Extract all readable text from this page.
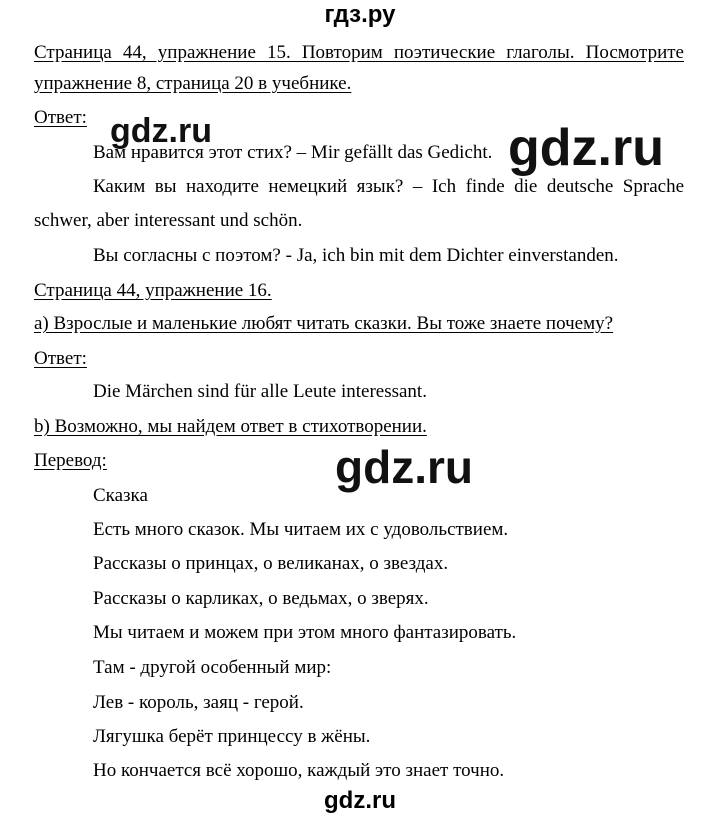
гдз.ру
Страница 44, упражнение 15. Повторим поэтические глаголы. Посмотрите
упражнение 8, страница 20 в учебнике.
Ответ:
Вам нравится этот стих? – Mir gefällt das Gedicht.
Каким вы находите немецкий язык? – Ich finde die deutsche Sprache
schwer, aber interessant und schön.
Вы согласны с поэтом? - Ja, ich bin mit dem Dichter einverstanden.
Страница 44, упражнение 16.
a) Взрослые и маленькие любят читать сказки. Вы тоже знаете почему?
Ответ:
Die Märchen sind für alle Leute interessant.
b) Возможно, мы найдем ответ в стихотворении.
Перевод:
Сказка
Есть много сказок. Мы читаем их с удовольствием.
Рассказы о принцах, о великанах, о звездах.
Рассказы о карликах, о ведьмах, о зверях.
Мы читаем и можем при этом много фантазировать.
Там - другой особенный мир:
Лев - король, заяц - герой.
Лягушка берёт принцессу в жёны.
Но кончается всё хорошо, каждый это знает точно.
gdz.ru	gdz.ru
gdz.ru
gdz.ru
